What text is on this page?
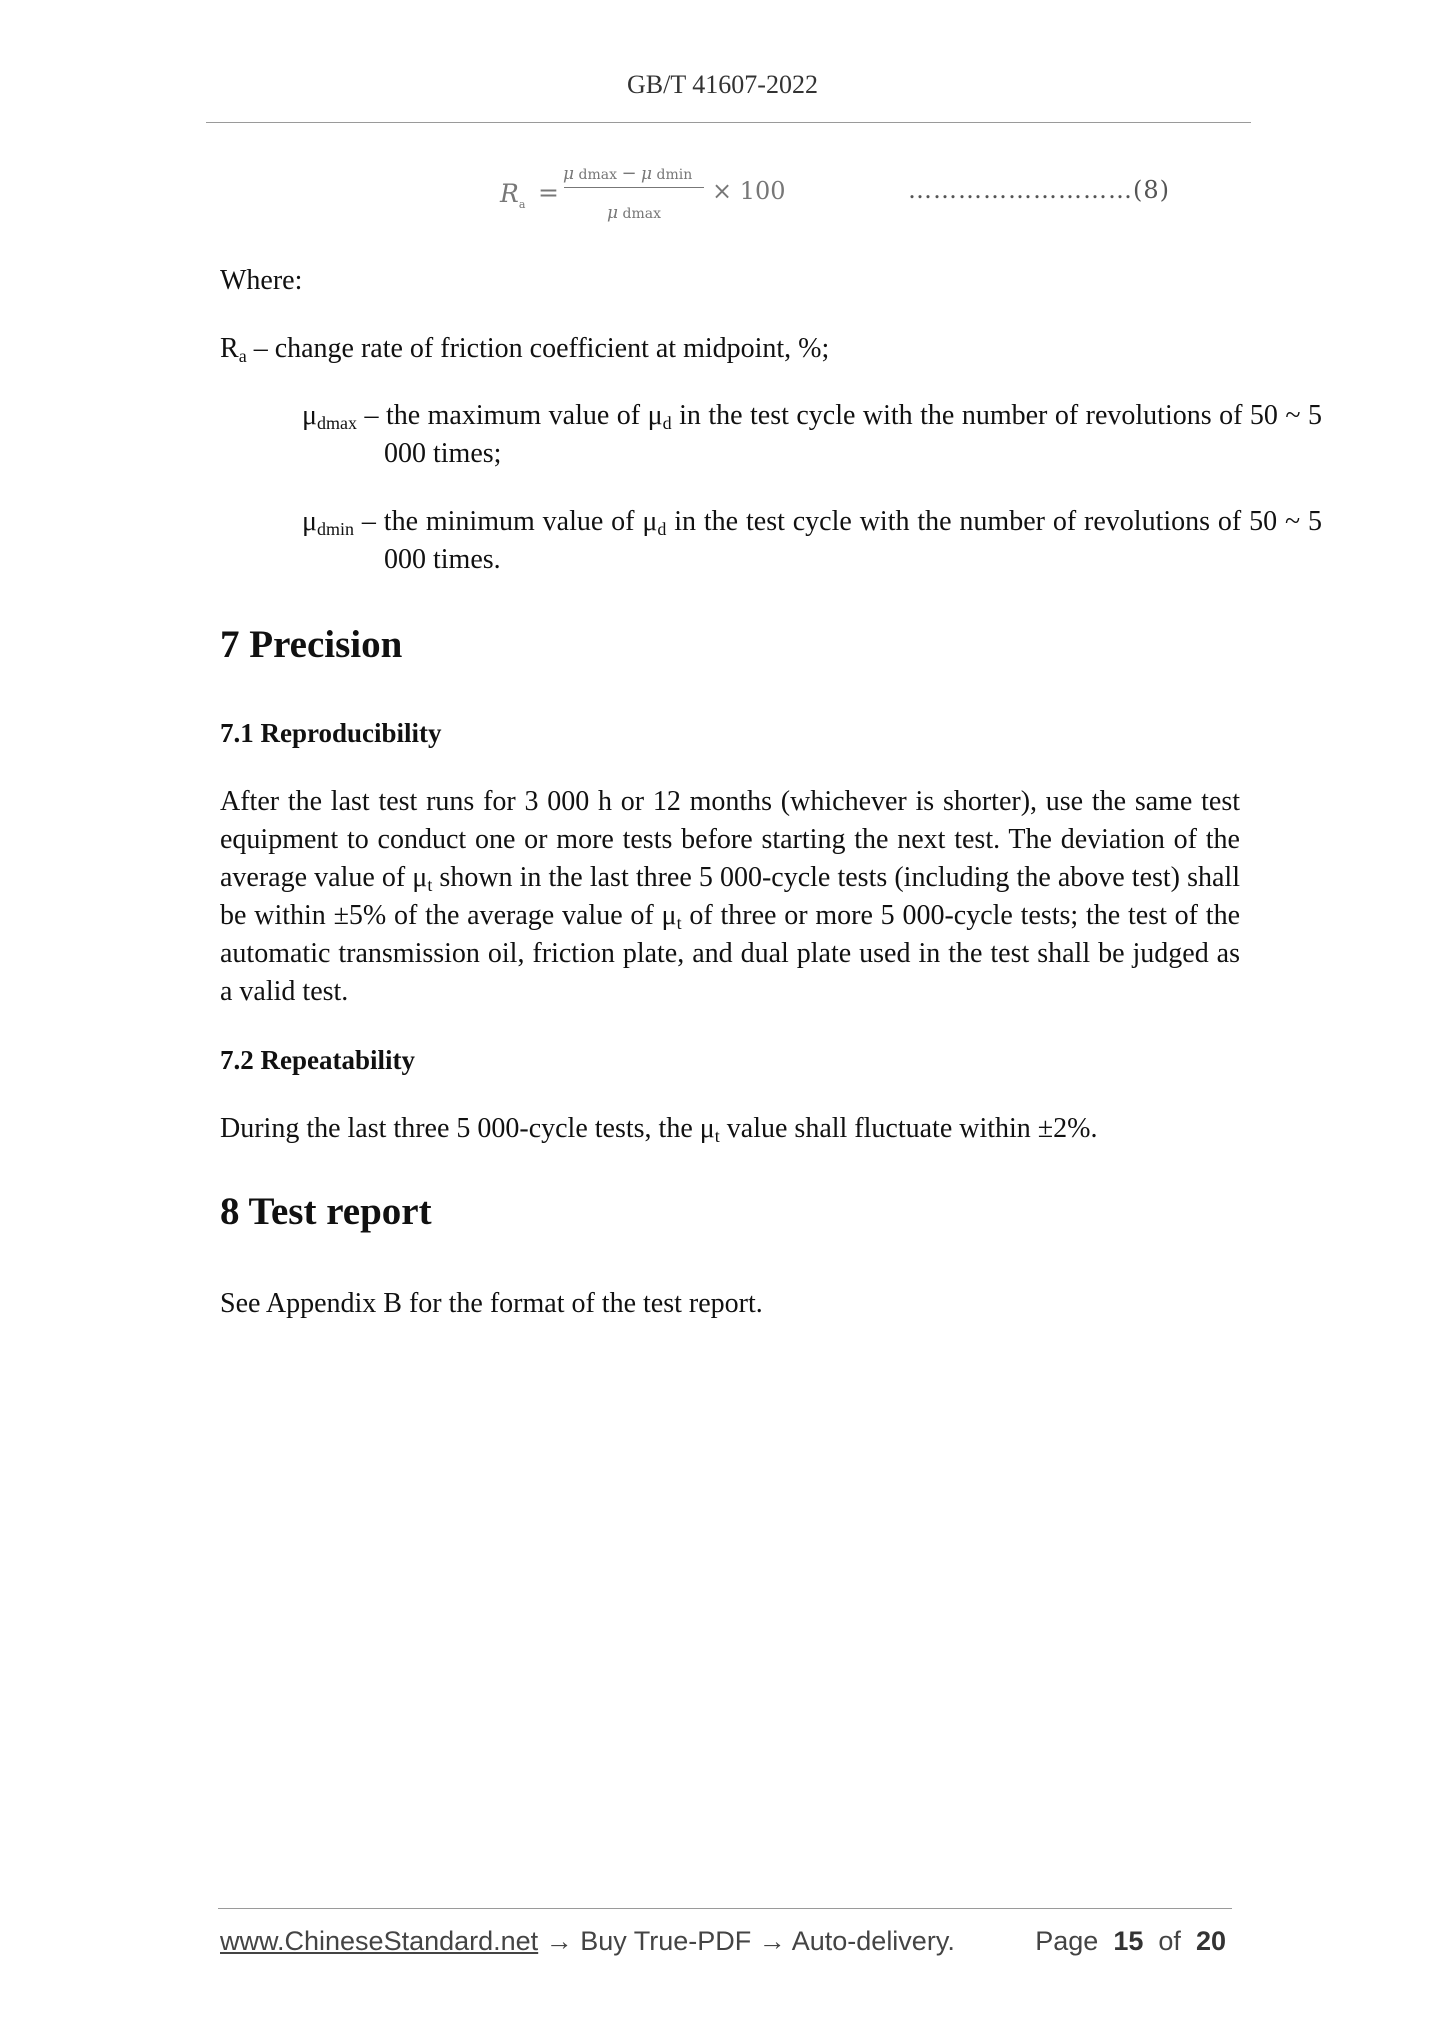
GB/T 41607-2022
$R_a$ =
μ dmax − μ dmin
μ dmax
× 100	………………………(8)
Where:
$R_a$ – change rate of friction coefficient at midpoint, %;
$\mu_{dmax}$ – the maximum value of $\mu_d$ in the test cycle with the number of revolutions of 50 ~ 5 000 times;
$\mu_{dmin}$ – the minimum value of $\mu_d$ in the test cycle with the number of revolutions of 50 ~ 5 000 times.
7 Precision
7.1 Reproducibility
After the last test runs for 3 000 h or 12 months (whichever is shorter), use the same test equipment to conduct one or more tests before starting the next test. The deviation of the average value of $\mu_t$ shown in the last three 5 000-cycle tests (including the above test) shall be within ±5% of the average value of $\mu_t$ of three or more 5 000-cycle tests; the test of the automatic transmission oil, friction plate, and dual plate used in the test shall be judged as a valid test.
7.2 Repeatability
During the last three 5 000-cycle tests, the $\mu_t$ value shall fluctuate within ±2%.
8 Test report
See Appendix B for the format of the test report.
www.ChineseStandard.net → Buy True-PDF → Auto-delivery.	Page 15 of 20
